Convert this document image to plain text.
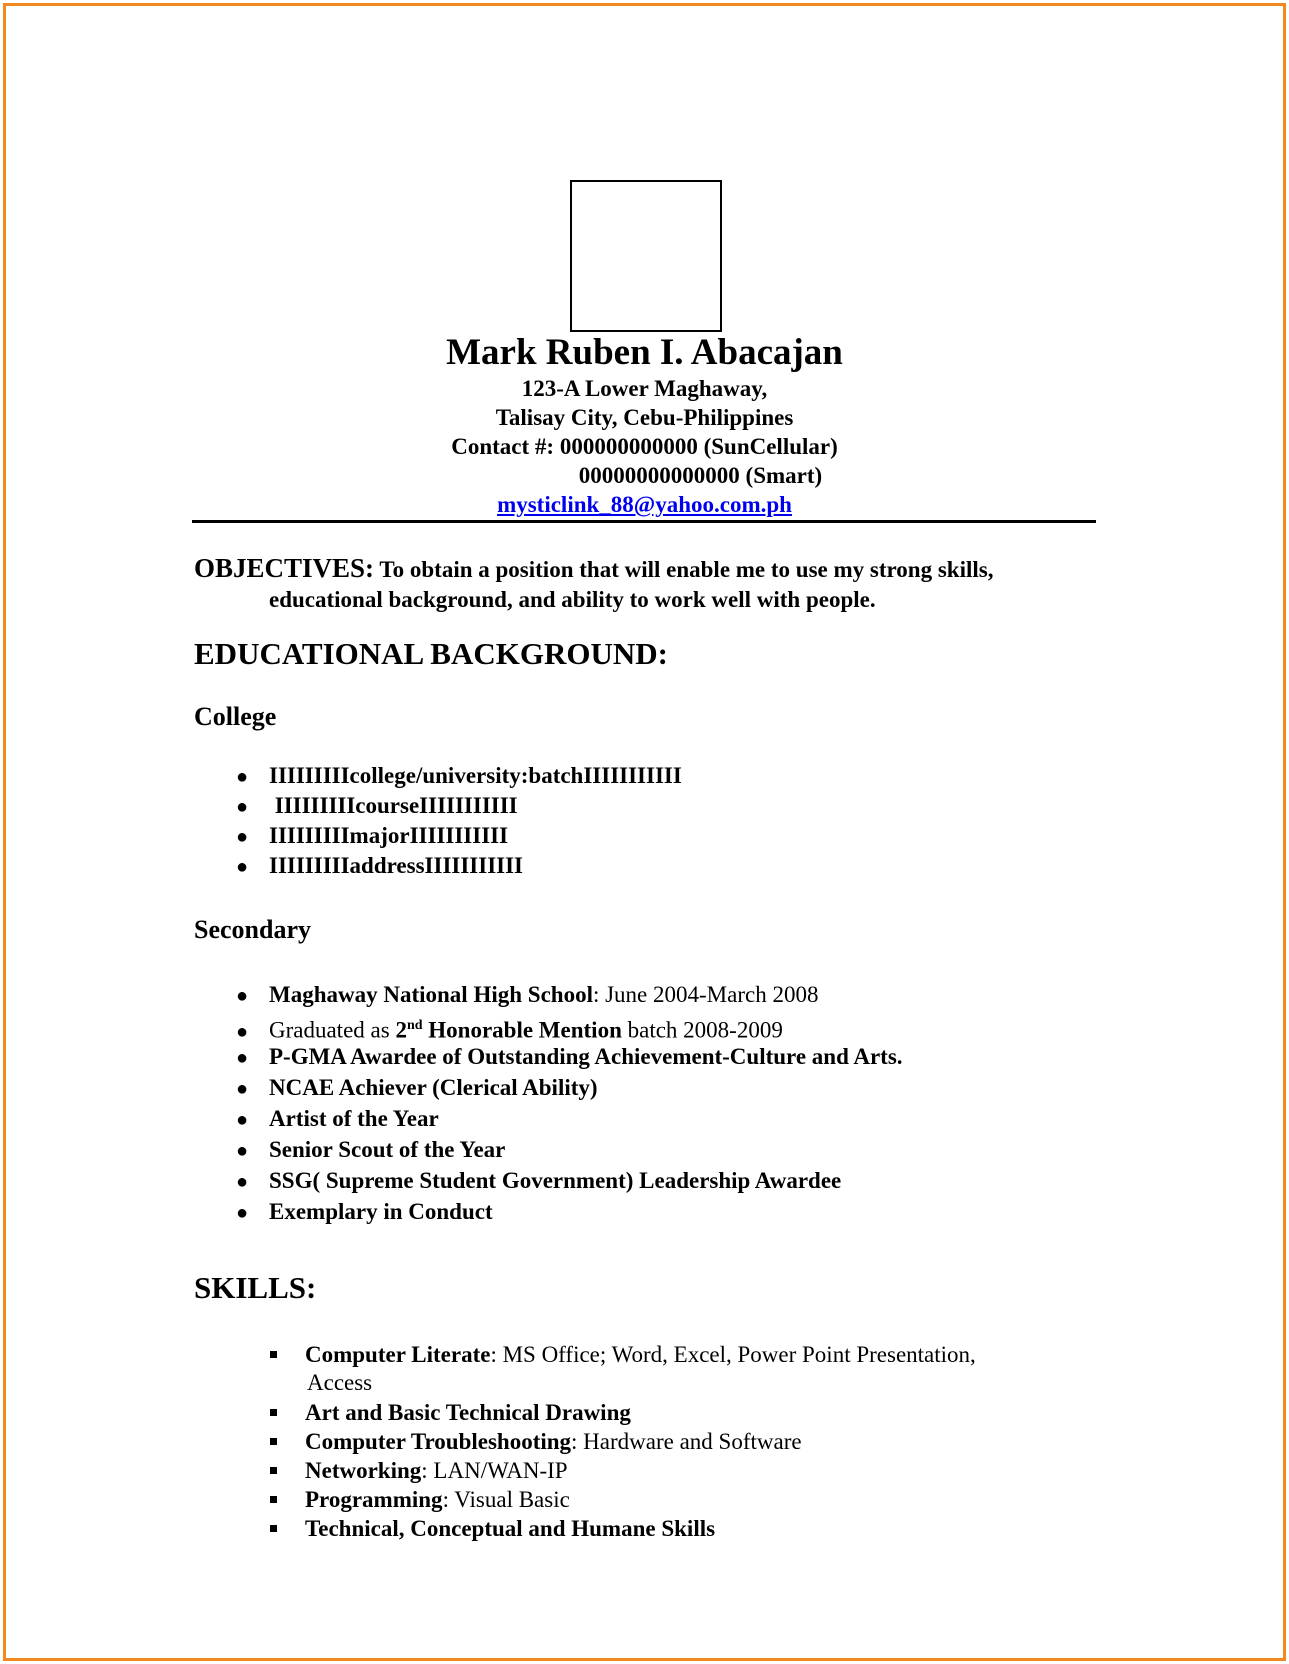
Mark Ruben I. Abacajan
123-A Lower Maghaway,
Talisay City, Cebu-Philippines
Contact #: 000000000000 (SunCellular)
00000000000000 (Smart)
mysticlink_88@yahoo.com.ph
OBJECTIVES: To obtain a position that will enable me to use my strong skills,
educational background, and ability to work well with people.
EDUCATIONAL BACKGROUND:
College
● IIIIIIIIIcollege/university:batchIIIIIIIIIII
● IIIIIIIIIcourseIIIIIIIIIII
● IIIIIIIIImajorIIIIIIIIIII
● IIIIIIIIIaddressIIIIIIIIIII
Secondary
● Maghaway National High School: June 2004-March 2008
● Graduated as 2nd Honorable Mention batch 2008-2009
● P-GMA Awardee of Outstanding Achievement-Culture and Arts.
● NCAE Achiever (Clerical Ability)
● Artist of the Year
● Senior Scout of the Year
● SSG( Supreme Student Government) Leadership Awardee
● Exemplary in Conduct
SKILLS:
Computer Literate: MS Office; Word, Excel, Power Point Presentation,
Access
Art and Basic Technical Drawing
Computer Troubleshooting: Hardware and Software
Networking: LAN/WAN-IP
Programming: Visual Basic
Technical, Conceptual and Humane Skills
